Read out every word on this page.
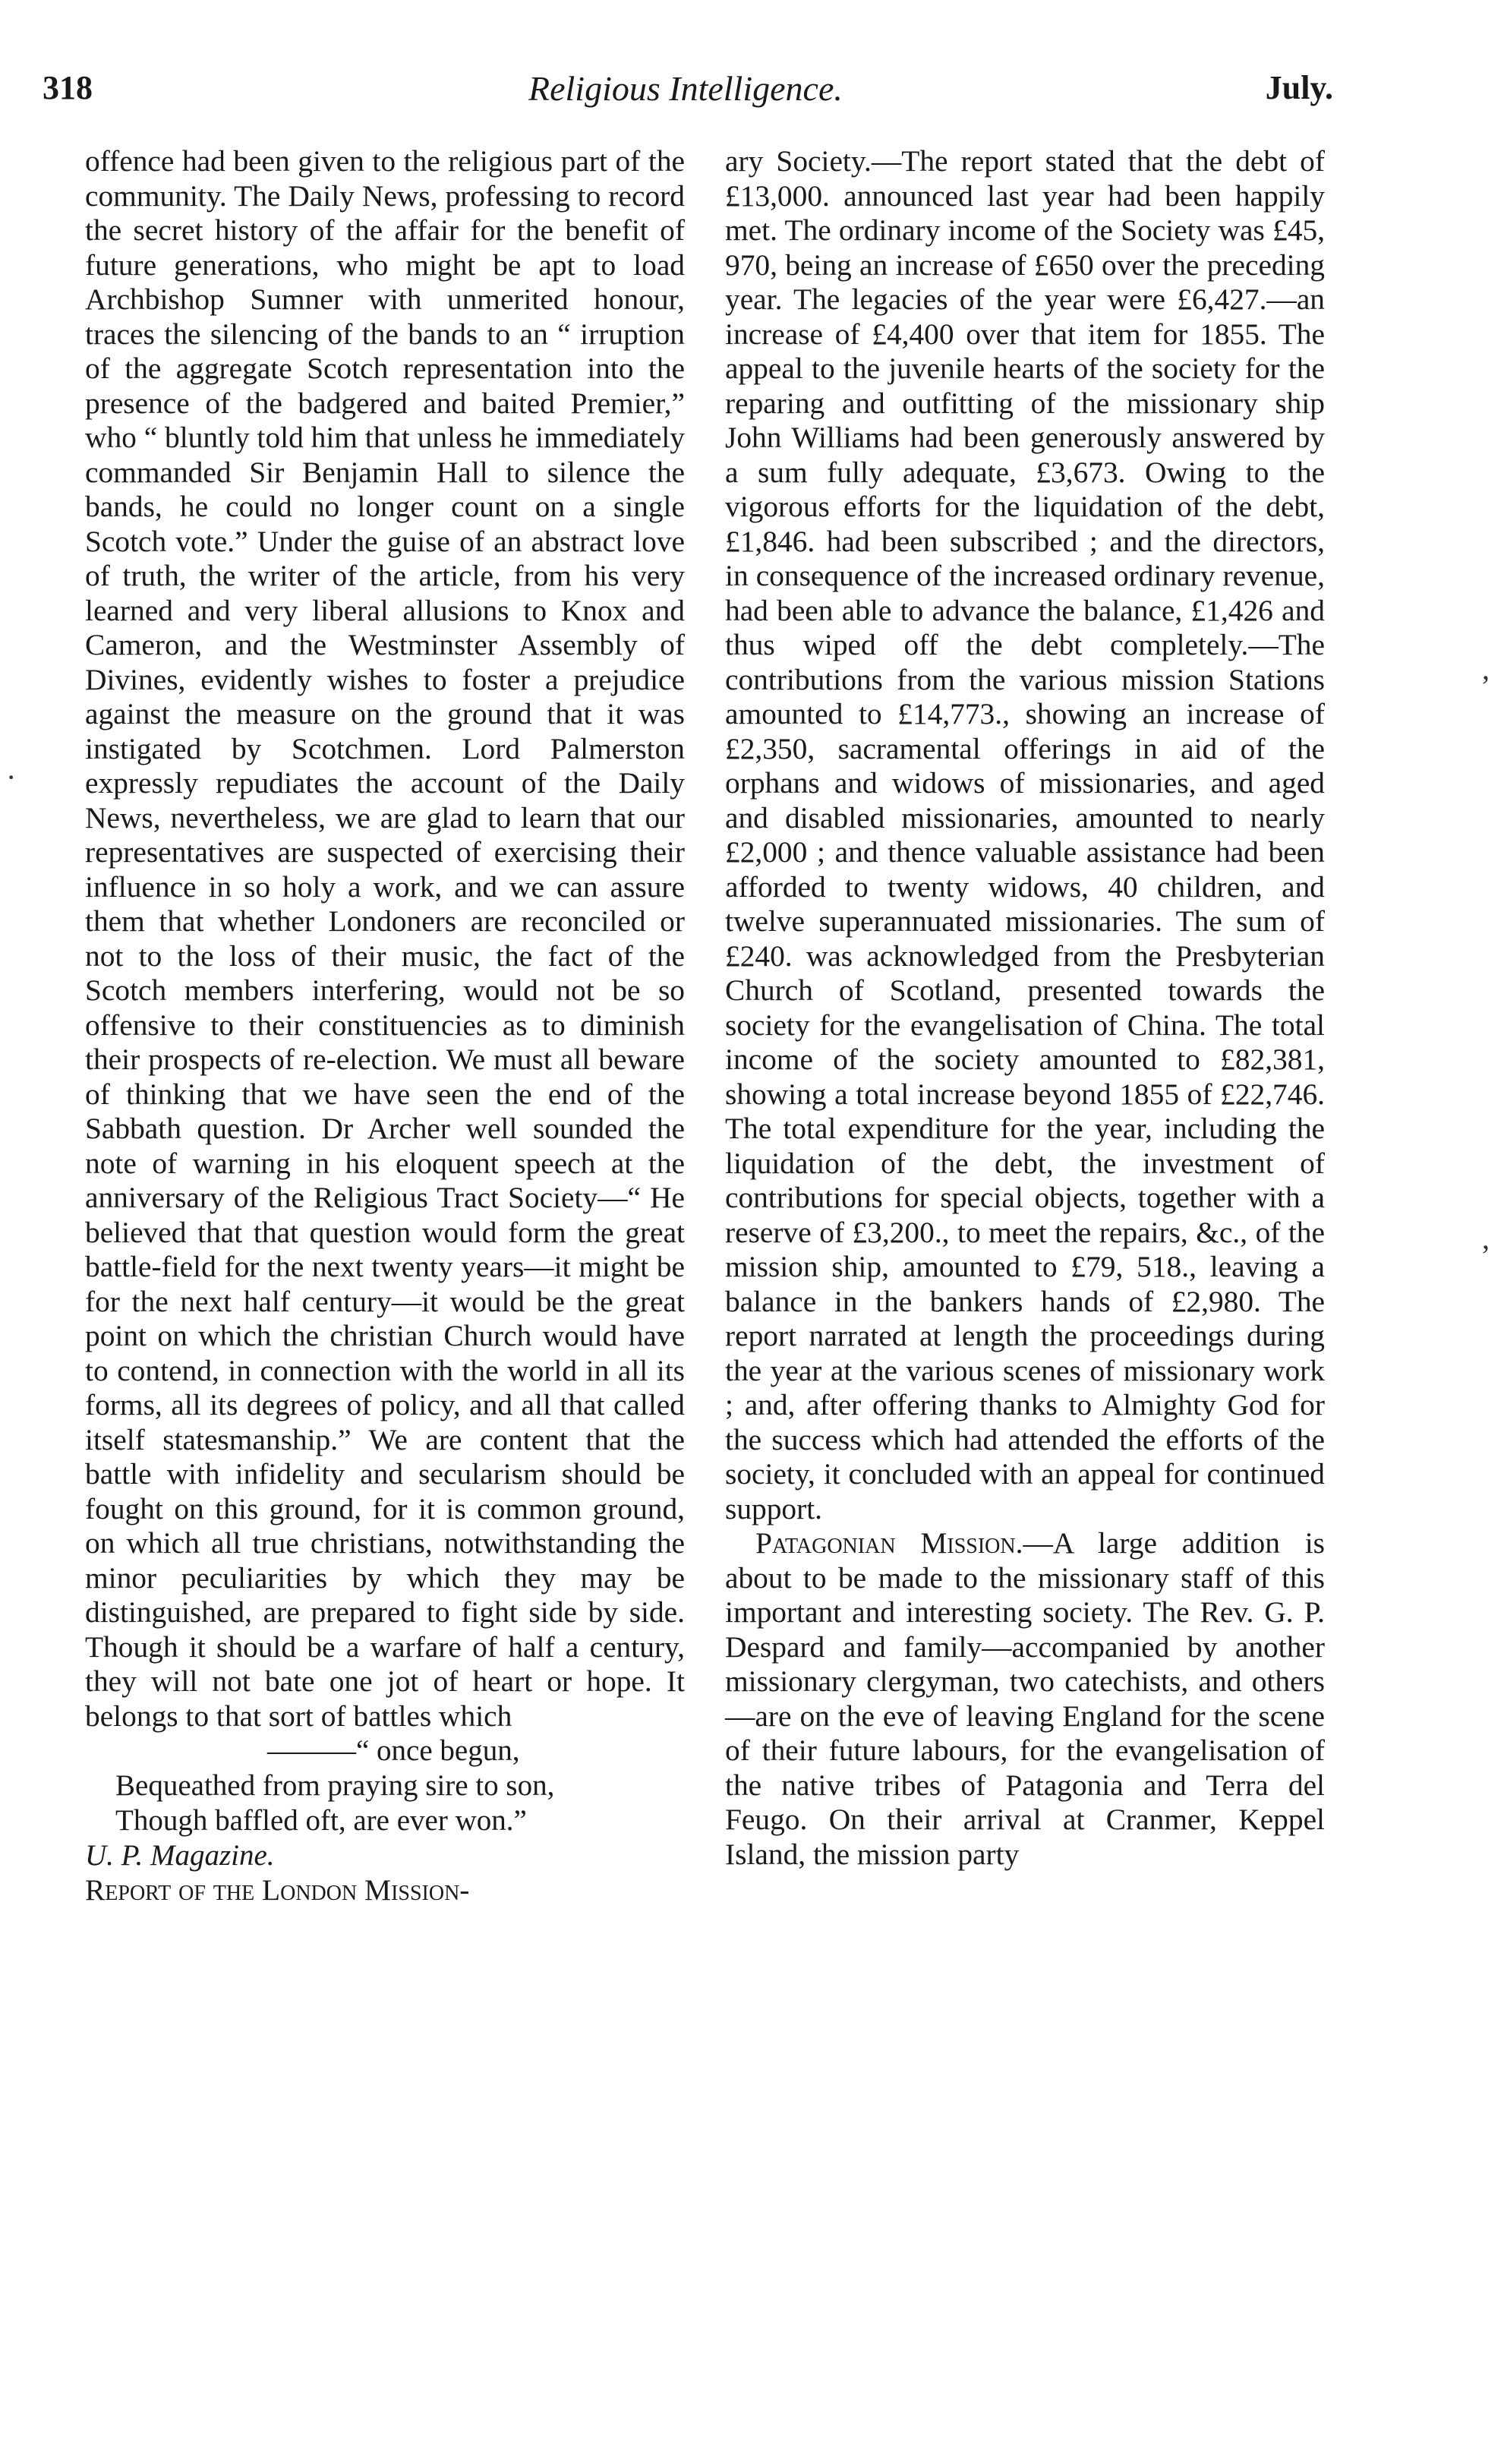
318	Religious Intelligence.	July.

offence had been given to the religious part of the community. The Daily News, professing to record the secret history of the affair for the benefit of future generations, who might be apt to load Archbishop Sumner with unmerited honour, traces the silencing of the bands to an “ irruption of the aggregate Scotch representation into the presence of the badgered and baited Premier,” who “ bluntly told him that unless he immediately commanded Sir Benjamin Hall to silence the bands, he could no longer count on a single Scotch vote.” Under the guise of an abstract love of truth, the writer of the article, from his very learned and very liberal allusions to Knox and Cameron, and the Westminster Assembly of Divines, evidently wishes to foster a prejudice against the measure on the ground that it was instigated by Scotchmen. Lord Palmerston expressly repudiates the account of the Daily News, nevertheless, we are glad to learn that our representatives are suspected of exercising their influence in so holy a work, and we can assure them that whether Londoners are reconciled or not to the loss of their music, the fact of the Scotch members interfering, would not be so offensive to their constituencies as to diminish their prospects of re-election. We must all beware of thinking that we have seen the end of the Sabbath question. Dr Archer well sounded the note of warning in his eloquent speech at the anniversary of the Religious Tract Society—“ He believed that that question would form the great battle-field for the next twenty years—it might be for the next half century—it would be the great point on which the christian Church would have to contend, in connection with the world in all its forms, all its degrees of policy, and all that called itself statesmanship.” We are content that the battle with infidelity and secularism should be fought on this ground, for it is common ground, on which all true christians, notwithstanding the minor peculiarities by which they may be distinguished, are prepared to fight side by side. Though it should be a warfare of half a century, they will not bate one jot of heart or hope. It belongs to that sort of battles which

———“ once begun,

Bequeathed from praying sire to son,

Though baffled oft, are ever won.”

U. P. Magazine.

Report of the London Mission-

ary Society.—The report stated that the debt of £13,000. announced last year had been happily met. The ordinary income of the Society was £45, 970, being an increase of £650 over the preceding year. The legacies of the year were £6,427.—an increase of £4,400 over that item for 1855. The appeal to the juvenile hearts of the society for the reparing and outfitting of the missionary ship John Williams had been generously answered by a sum fully adequate, £3,673. Owing to the vigorous efforts for the liquidation of the debt, £1,846. had been subscribed ; and the directors, in consequence of the increased ordinary revenue, had been able to advance the balance, £1,426 and thus wiped off the debt completely.—The contributions from the various mission Stations amounted to £14,773., showing an increase of £2,350, sacramental offerings in aid of the orphans and widows of missionaries, and aged and disabled missionaries, amounted to nearly £2,000 ; and thence valuable assistance had been afforded to twenty widows, 40 children, and twelve superannuated missionaries. The sum of £240. was acknowledged from the Presbyterian Church of Scotland, presented towards the society for the evangelisation of China. The total income of the society amounted to £82,381, showing a total increase beyond 1855 of £22,746. The total expenditure for the year, including the liquidation of the debt, the investment of contributions for special objects, together with a reserve of £3,200., to meet the repairs, &c., of the mission ship, amounted to £79, 518., leaving a balance in the bankers hands of £2,980. The report narrated at length the proceedings during the year at the various scenes of missionary work ; and, after offering thanks to Almighty God for the success which had attended the efforts of the society, it concluded with an appeal for continued support.

Patagonian Mission.—A large addition is about to be made to the missionary staff of this important and interesting society. The Rev. G. P. Despard and family—accompanied by another missionary clergyman, two catechists, and others—are on the eve of leaving England for the scene of their future labours, for the evangelisation of the native tribes of Patagonia and Terra del Feugo. On their arrival at Cranmer, Keppel Island, the mission party

’
’
·
